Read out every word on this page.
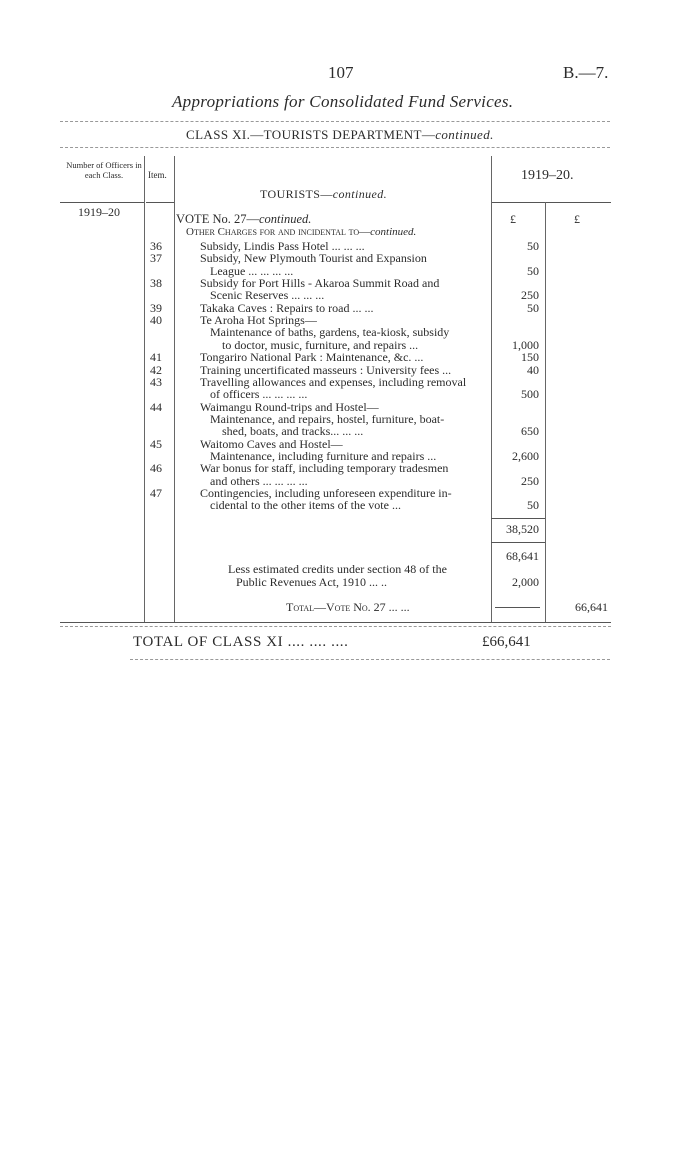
107	B.—7.
Appropriations for Consolidated Fund Services.
CLASS XI.—TOURISTS DEPARTMENT—continued.
Number of Officers in each Class.	Item.	1919–20.
TOURISTS—continued.
1919–20	£	£
VOTE No. 27—continued.
Other Charges for and incidental to—continued.
36	Subsidy, Lindis Pass Hotel ... ... ...	50
37	Subsidy, New Plymouth Tourist and Expansion
League ... ... ... ...	50
38	Subsidy for Port Hills - Akaroa Summit Road and
Scenic Reserves ... ... ...	250
39	Takaka Caves : Repairs to road ... ...	50
40	Te Aroha Hot Springs—
Maintenance of baths, gardens, tea-kiosk, subsidy
to doctor, music, furniture, and repairs ...	1,000
41	Tongariro National Park : Maintenance, &c. ...	150
42	Training uncertificated masseurs : University fees ...	40
43	Travelling allowances and expenses, including removal
of officers ... ... ... ...	500
44	Waimangu Round-trips and Hostel—
Maintenance, and repairs, hostel, furniture, boat-
shed, boats, and tracks... ... ...	650
45	Waitomo Caves and Hostel—
Maintenance, including furniture and repairs ...	2,600
46	War bonus for staff, including temporary tradesmen
and others ... ... ... ...	250
47	Contingencies, including unforeseen expenditure in-
cidental to the other items of the vote ...	50
38,520
68,641
Less estimated credits under section 48 of the
Public Revenues Act, 1910 ... ..	2,000
Total—Vote No. 27 ... ...	66,641
TOTAL OF CLASS XI .... .... ....	£66,641
